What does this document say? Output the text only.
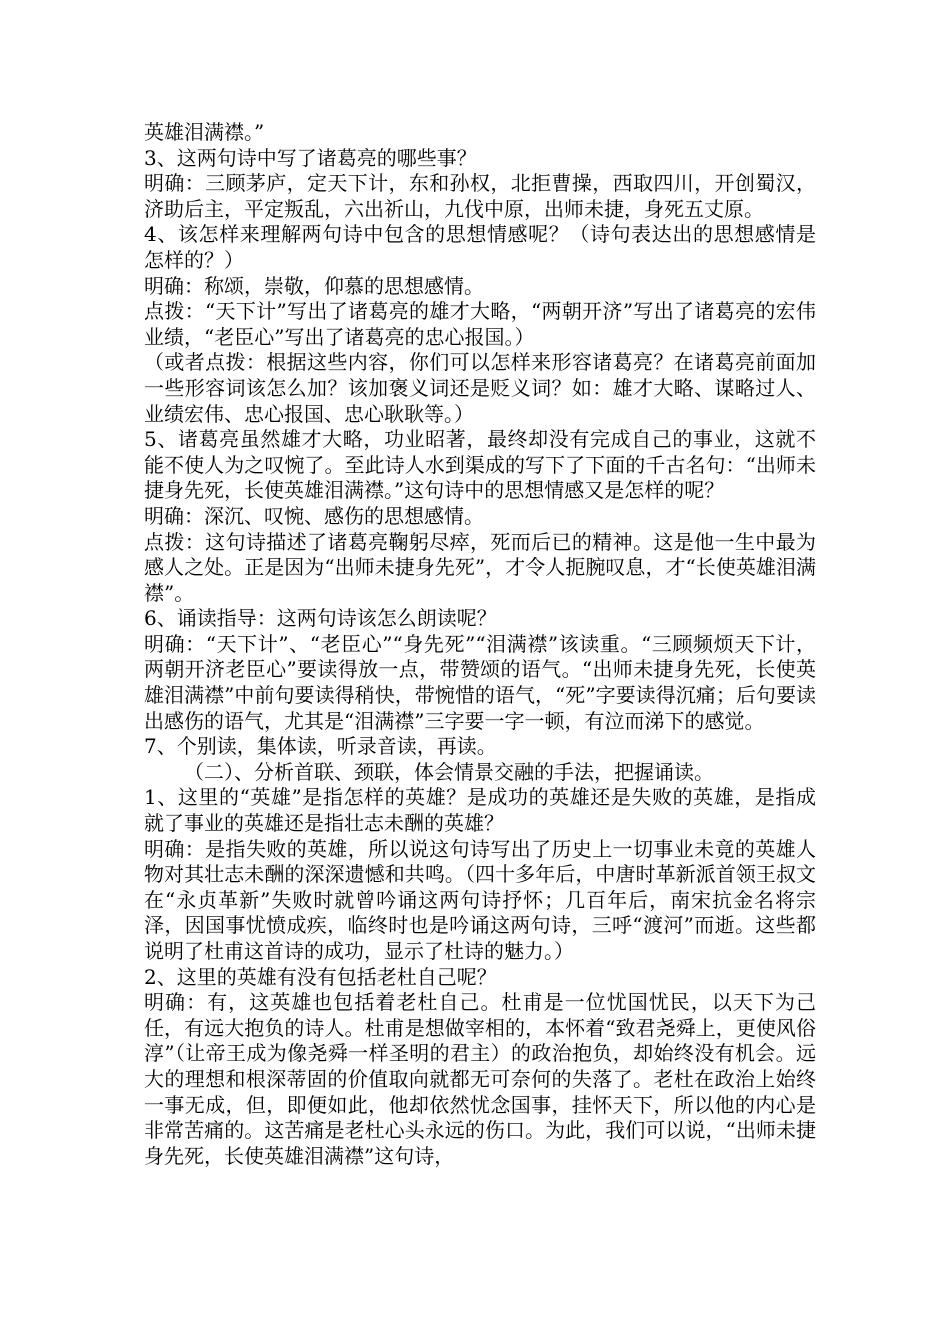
英雄泪满襟。”

3、这两句诗中写了诸葛亮的哪些事？

明确：三顾茅庐，定天下计，东和孙权，北拒曹操，西取四川，开创蜀汉，济助后主，平定叛乱，六出祈山，九伐中原，出师未捷，身死五丈原。

4、该怎样来理解两句诗中包含的思想情感呢？（诗句表达出的思想感情是怎样的？）

明确：称颂，崇敬，仰慕的思想感情。

点拨：“天下计”写出了诸葛亮的雄才大略，“两朝开济”写出了诸葛亮的宏伟业绩，“老臣心”写出了诸葛亮的忠心报国。）

（或者点拨：根据这些内容，你们可以怎样来形容诸葛亮？在诸葛亮前面加一些形容词该怎么加？该加褒义词还是贬义词？如：雄才大略、谋略过人、业绩宏伟、忠心报国、忠心耿耿等。）

5、诸葛亮虽然雄才大略，功业昭著，最终却没有完成自己的事业，这就不能不使人为之叹惋了。至此诗人水到渠成的写下了下面的千古名句：“出师未捷身先死，长使英雄泪满襟。”这句诗中的思想情感又是怎样的呢？

明确：深沉、叹惋、感伤的思想感情。

点拨：这句诗描述了诸葛亮鞠躬尽瘁，死而后已的精神。这是他一生中最为感人之处。正是因为“出师未捷身先死”，才令人扼腕叹息，才“长使英雄泪满襟”。

6、诵读指导：这两句诗该怎么朗读呢？

明确：“天下计”、“老臣心”“身先死”“泪满襟”该读重。“三顾频烦天下计，两朝开济老臣心”要读得放一点，带赞颂的语气。“出师未捷身先死，长使英雄泪满襟”中前句要读得稍快，带惋惜的语气，“死”字要读得沉痛；后句要读出感伤的语气，尤其是“泪满襟”三字要一字一顿，有泣而涕下的感觉。

7、个别读，集体读，听录音读，再读。

（二）、分析首联、颈联，体会情景交融的手法，把握诵读。

1、这里的“英雄”是指怎样的英雄？是成功的英雄还是失败的英雄，是指成就了事业的英雄还是指壮志未酬的英雄？

明确：是指失败的英雄，所以说这句诗写出了历史上一切事业未竟的英雄人物对其壮志未酬的深深遗憾和共鸣。（四十多年后，中唐时革新派首领王叔文在“永贞革新”失败时就曾吟诵这两句诗抒怀；几百年后，南宋抗金名将宗泽，因国事忧愤成疾，临终时也是吟诵这两句诗，三呼“渡河”而逝。这些都说明了杜甫这首诗的成功，显示了杜诗的魅力。）

2、这里的英雄有没有包括老杜自己呢？

明确：有，这英雄也包括着老杜自己。杜甫是一位忧国忧民，以天下为己任，有远大抱负的诗人。杜甫是想做宰相的，本怀着“致君尧舜上，更使风俗淳”（让帝王成为像尧舜一样圣明的君主）的政治抱负，却始终没有机会。远大的理想和根深蒂固的价值取向就都无可奈何的失落了。老杜在政治上始终一事无成，但，即便如此，他却依然忧念国事，挂怀天下，所以他的内心是非常苦痛的。这苦痛是老杜心头永远的伤口。为此，我们可以说，“出师未捷身先死，长使英雄泪满襟”这句诗，
